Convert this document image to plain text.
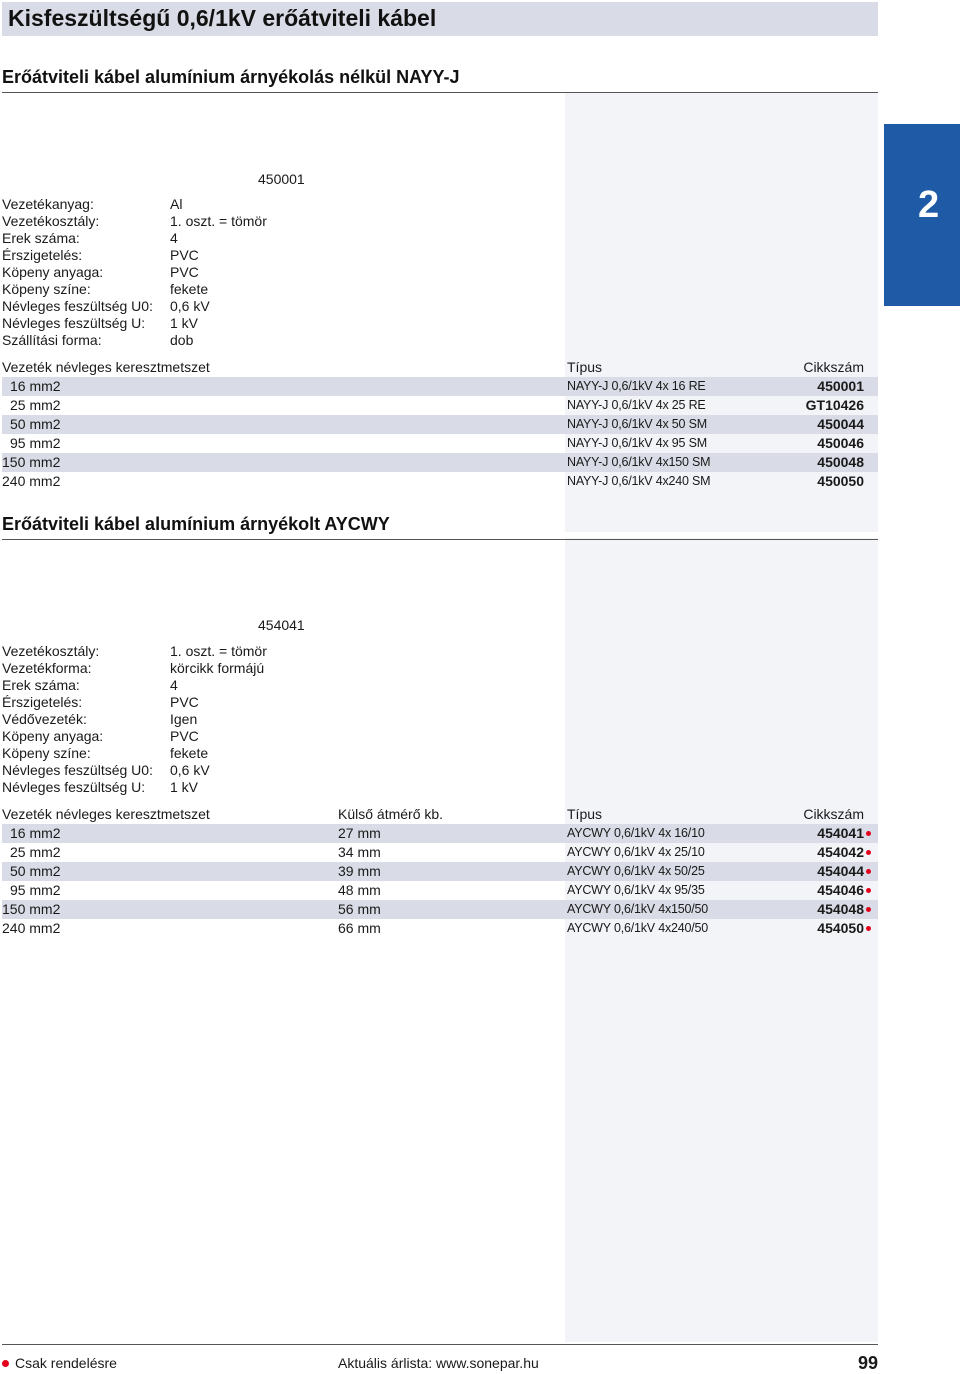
Kisfeszültségű 0,6/1kV erőátviteli kábel
2
Erőátviteli kábel alumínium árnyékolás nélkül NAYY-J
450001
Vezetékanyag:	Al
Vezetékosztály:	1. oszt. = tömör
Erek száma:	4
Érszigetelés:	PVC
Köpeny anyaga:	PVC
Köpeny színe:	fekete
Névleges feszültség U0: 0,6 kV
Névleges feszültség U: 1 kV
Szállítási forma:	dob
Vezeték névleges keresztmetszet	Típus	Cikkszám
16 mm2	NAYY-J 0,6/1kV 4x 16 RE	450001
25 mm2	NAYY-J 0,6/1kV 4x 25 RE	GT10426
50 mm2	NAYY-J 0,6/1kV 4x 50 SM	450044
95 mm2	NAYY-J 0,6/1kV 4x 95 SM	450046
150 mm2	NAYY-J 0,6/1kV 4x150 SM	450048
240 mm2	NAYY-J 0,6/1kV 4x240 SM	450050
Erőátviteli kábel alumínium árnyékolt AYCWY
454041
Vezetékosztály:	1. oszt. = tömör
Vezetékforma:	körcikk formájú
Erek száma:	4
Érszigetelés:	PVC
Védővezeték:	Igen
Köpeny anyaga:	PVC
Köpeny színe:	fekete
Névleges feszültség U0: 0,6 kV
Névleges feszültség U: 1 kV
Vezeték névleges keresztmetszet	Külső átmérő kb.	Típus	Cikkszám
16 mm2	27 mm	AYCWY 0,6/1kV 4x 16/10	454041
25 mm2	34 mm	AYCWY 0,6/1kV 4x 25/10	454042
50 mm2	39 mm	AYCWY 0,6/1kV 4x 50/25	454044
95 mm2	48 mm	AYCWY 0,6/1kV 4x 95/35	454046
150 mm2	56 mm	AYCWY 0,6/1kV 4x150/50	454048
240 mm2	66 mm	AYCWY 0,6/1kV 4x240/50	454050
Csak rendelésre	Aktuális árlista: www.sonepar.hu	99
